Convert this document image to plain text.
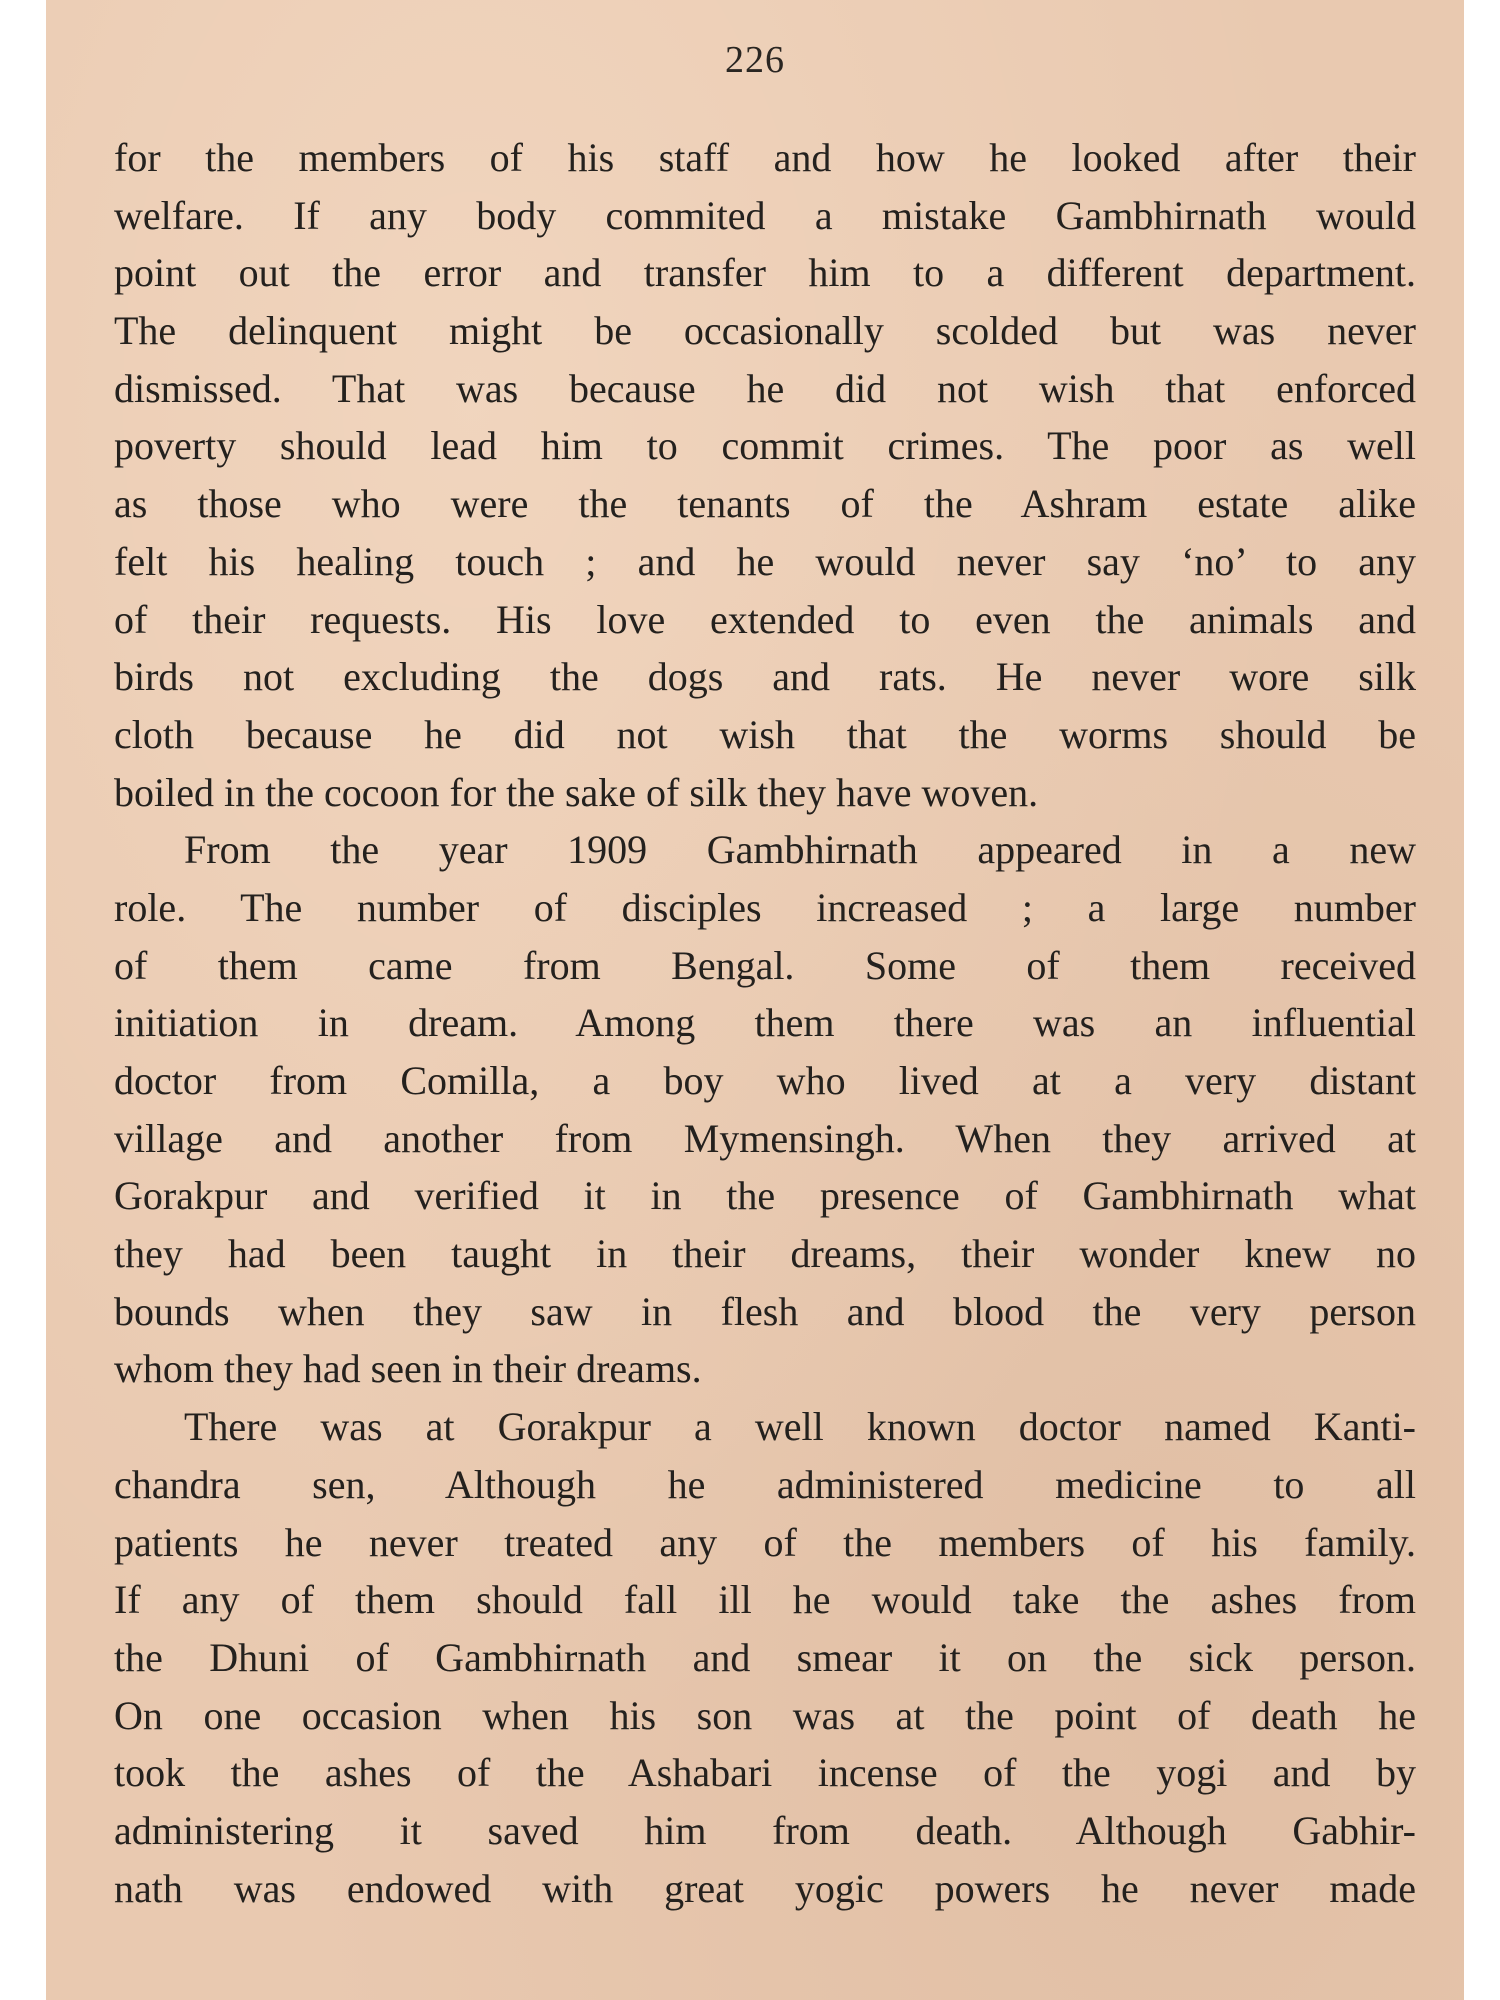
226
for the members of his staff and how he looked after their
welfare. If any body commited a mistake Gambhirnath would
point out the error and transfer him to a different department.
The delinquent might be occasionally scolded but was never
dismissed. That was because he did not wish that enforced
poverty should lead him to commit crimes. The poor as well
as those who were the tenants of the Ashram estate alike
felt his healing touch ; and he would never say ‘no’ to any
of their requests. His love extended to even the animals and
birds not excluding the dogs and rats. He never wore silk
cloth because he did not wish that the worms should be
boiled in the cocoon for the sake of silk they have woven.
From the year 1909 Gambhirnath appeared in a new
role. The number of disciples increased ; a large number
of them came from Bengal. Some of them received
initiation in dream. Among them there was an influential
doctor from Comilla, a boy who lived at a very distant
village and another from Mymensingh. When they arrived at
Gorakpur and verified it in the presence of Gambhirnath what
they had been taught in their dreams, their wonder knew no
bounds when they saw in flesh and blood the very person
whom they had seen in their dreams.
There was at Gorakpur a well known doctor named Kanti-
chandra sen, Although he administered medicine to all
patients he never treated any of the members of his family.
If any of them should fall ill he would take the ashes from
the Dhuni of Gambhirnath and smear it on the sick person.
On one occasion when his son was at the point of death he
took the ashes of the Ashabari incense of the yogi and by
administering it saved him from death. Although Gabhir-
nath was endowed with great yogic powers he never made
